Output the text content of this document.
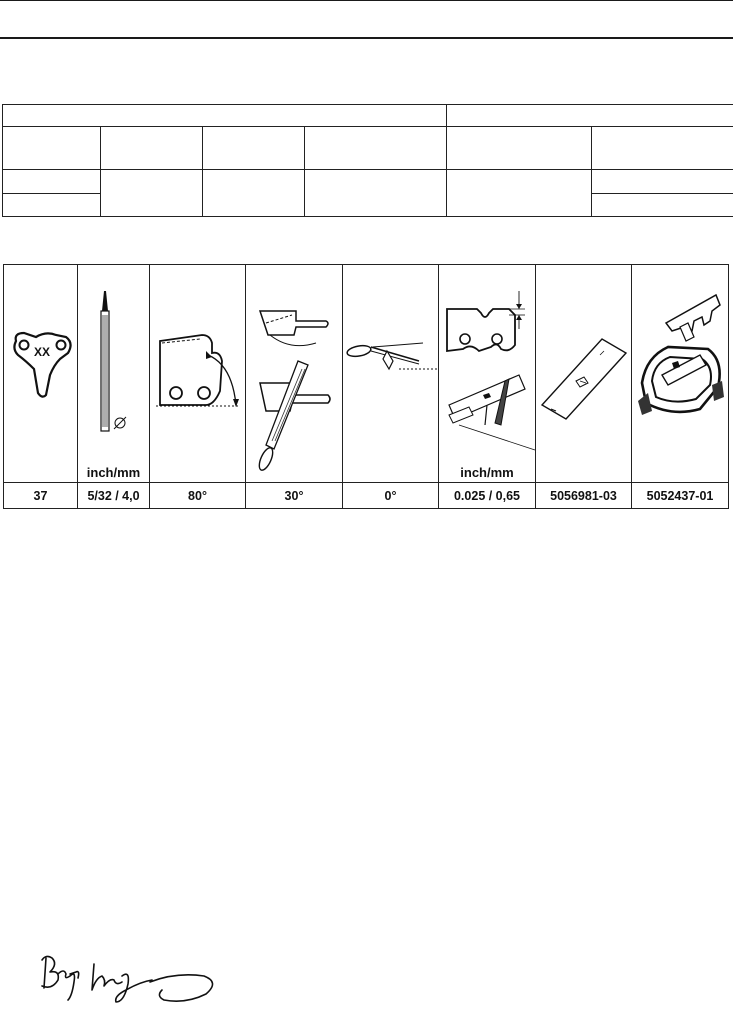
XX	inch/mm				inch/mm

37	5/32 / 4,0	80°	30°	0°	0.025 / 0,65	5056981-03	5052437-01
